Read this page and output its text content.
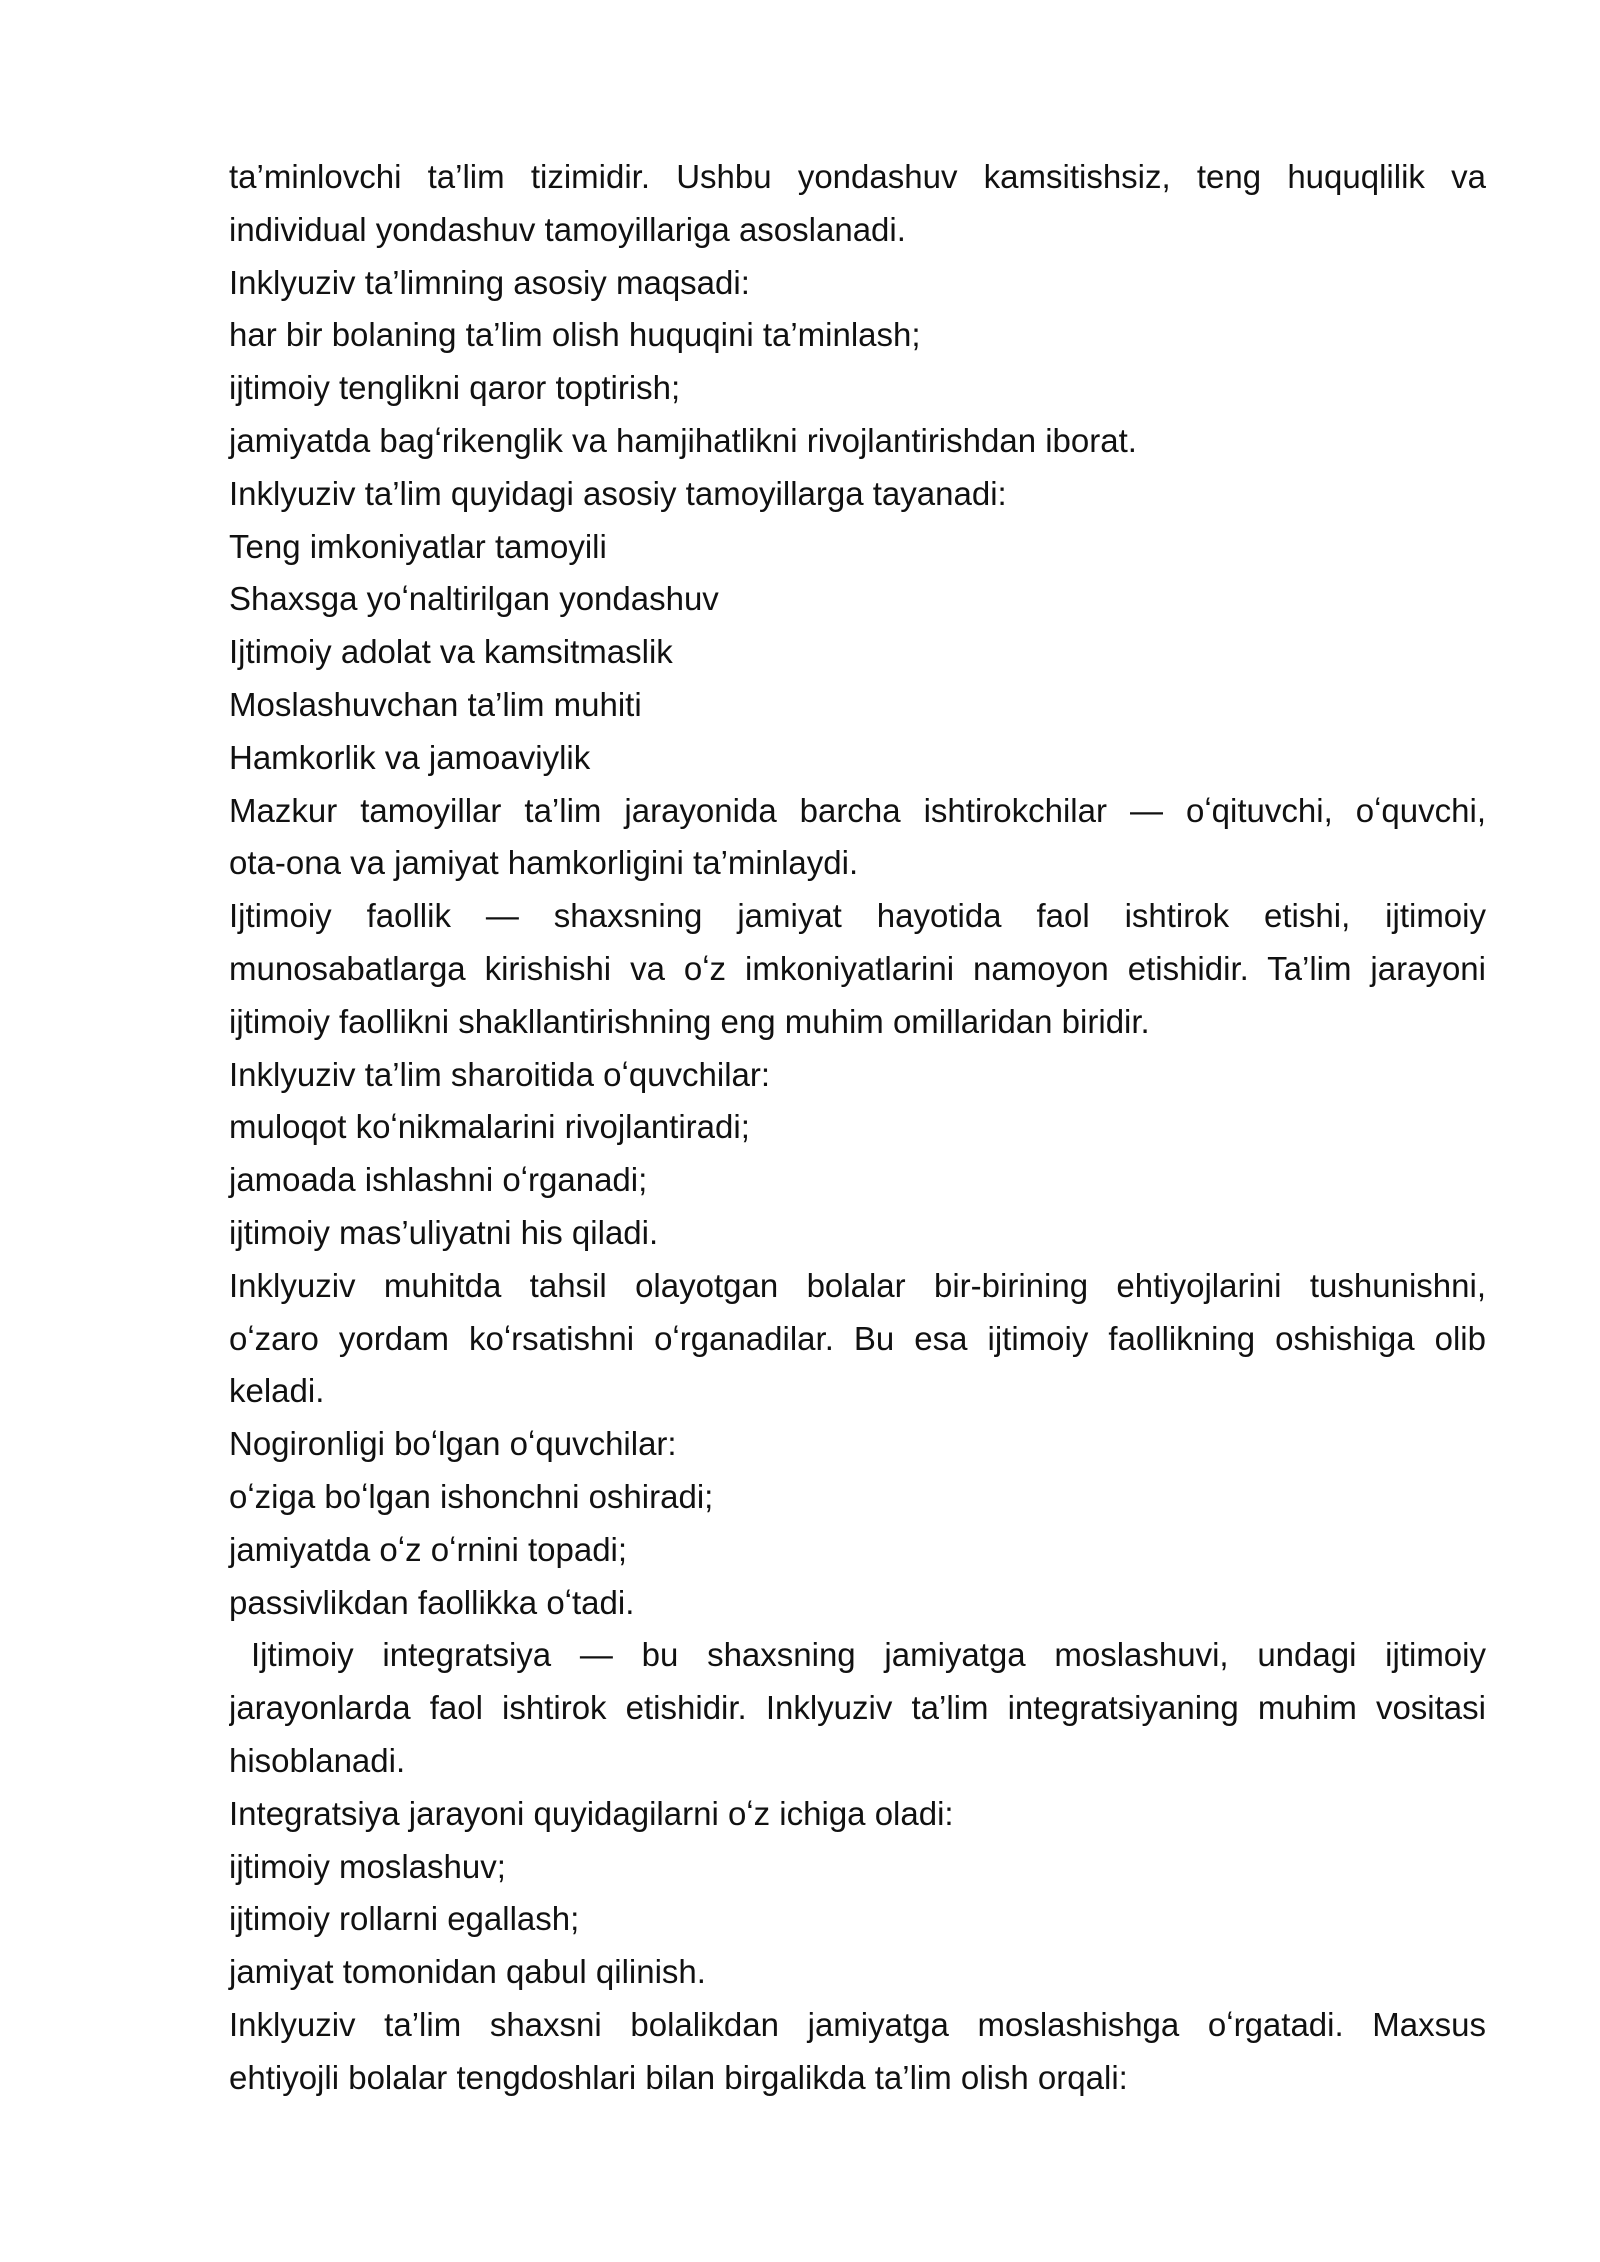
ta’minlovchi ta’lim tizimidir. Ushbu yondashuv kamsitishsiz, teng huquqlilik va
individual yondashuv tamoyillariga asoslanadi.
Inklyuziv ta’limning asosiy maqsadi:
har bir bolaning ta’lim olish huquqini ta’minlash;
ijtimoiy tenglikni qaror toptirish;
jamiyatda bagʻrikenglik va hamjihatlikni rivojlantirishdan iborat.
Inklyuziv ta’lim quyidagi asosiy tamoyillarga tayanadi:
Teng imkoniyatlar tamoyili
Shaxsga yoʻnaltirilgan yondashuv
Ijtimoiy adolat va kamsitmaslik
Moslashuvchan ta’lim muhiti
Hamkorlik va jamoaviylik
Mazkur tamoyillar ta’lim jarayonida barcha ishtirokchilar — oʻqituvchi, oʻquvchi,
ota-ona va jamiyat hamkorligini ta’minlaydi.
Ijtimoiy faollik — shaxsning jamiyat hayotida faol ishtirok etishi, ijtimoiy
munosabatlarga kirishishi va oʻz imkoniyatlarini namoyon etishidir. Ta’lim jarayoni
ijtimoiy faollikni shakllantirishning eng muhim omillaridan biridir.
Inklyuziv ta’lim sharoitida oʻquvchilar:
muloqot koʻnikmalarini rivojlantiradi;
jamoada ishlashni oʻrganadi;
ijtimoiy mas’uliyatni his qiladi.
Inklyuziv muhitda tahsil olayotgan bolalar bir-birining ehtiyojlarini tushunishni,
oʻzaro yordam koʻrsatishni oʻrganadilar. Bu esa ijtimoiy faollikning oshishiga olib
keladi.
Nogironligi boʻlgan oʻquvchilar:
oʻziga boʻlgan ishonchni oshiradi;
jamiyatda oʻz oʻrnini topadi;
passivlikdan faollikka oʻtadi.
Ijtimoiy integratsiya — bu shaxsning jamiyatga moslashuvi, undagi ijtimoiy
jarayonlarda faol ishtirok etishidir. Inklyuziv ta’lim integratsiyaning muhim vositasi
hisoblanadi.
Integratsiya jarayoni quyidagilarni oʻz ichiga oladi:
ijtimoiy moslashuv;
ijtimoiy rollarni egallash;
jamiyat tomonidan qabul qilinish.
Inklyuziv ta’lim shaxsni bolalikdan jamiyatga moslashishga oʻrgatadi. Maxsus
ehtiyojli bolalar tengdoshlari bilan birgalikda ta’lim olish orqali:
